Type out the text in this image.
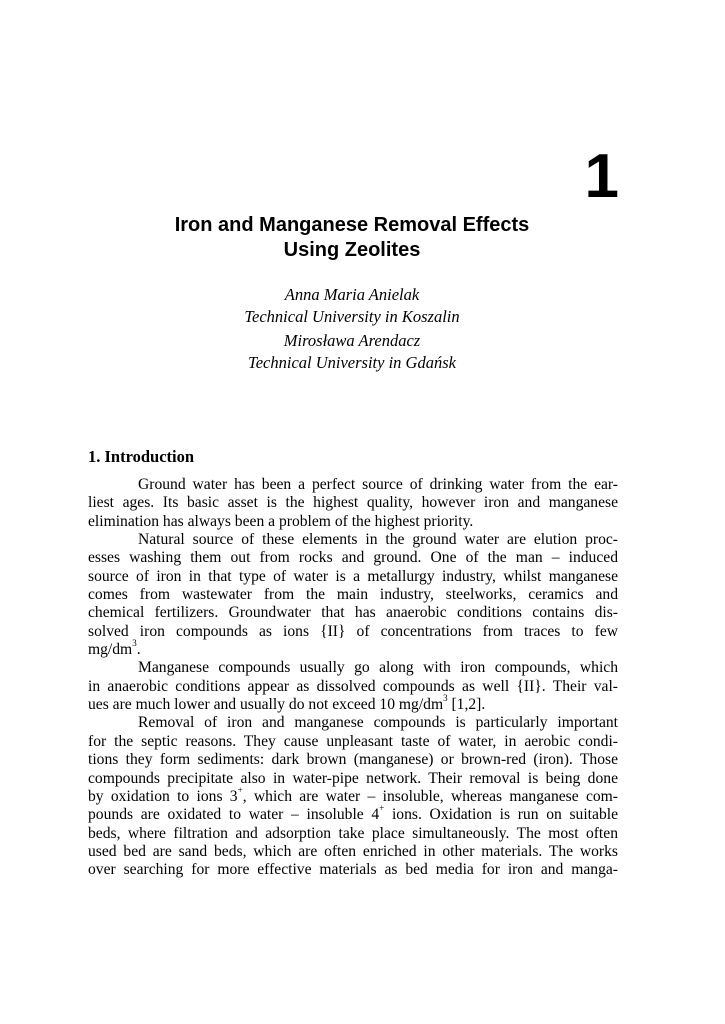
1
Iron and Manganese Removal Effects
Using Zeolites
Anna Maria Anielak
Technical University in Koszalin
Mirosława Arendacz
Technical University in Gdańsk
1. Introduction
Ground water has been a perfect source of drinking water from the ear-
liest ages. Its basic asset is the highest quality, however iron and manganese
elimination has always been a problem of the highest priority.
Natural source of these elements in the ground water are elution proc-
esses washing them out from rocks and ground. One of the man – induced
source of iron in that type of water is a metallurgy industry, whilst manganese
comes from wastewater from the main industry, steelworks, ceramics and
chemical fertilizers. Groundwater that has anaerobic conditions contains dis-
solved iron compounds as ions {II} of concentrations from traces to few
$mg/dm^3$.
Manganese compounds usually go along with iron compounds, which
in anaerobic conditions appear as dissolved compounds as well {II}. Their val-
ues are much lower and usually do not exceed 10 $mg/dm^3$ [1,2].
Removal of iron and manganese compounds is particularly important
for the septic reasons. They cause unpleasant taste of water, in aerobic condi-
tions they form sediments: dark brown (manganese) or brown-red (iron). Those
compounds precipitate also in water-pipe network. Their removal is being done
by oxidation to ions 3+, which are water – insoluble, whereas manganese com-
pounds are oxidated to water – insoluble 4+ ions. Oxidation is run on suitable
beds, where filtration and adsorption take place simultaneously. The most often
used bed are sand beds, which are often enriched in other materials. The works
over searching for more effective materials as bed media for iron and manga-
